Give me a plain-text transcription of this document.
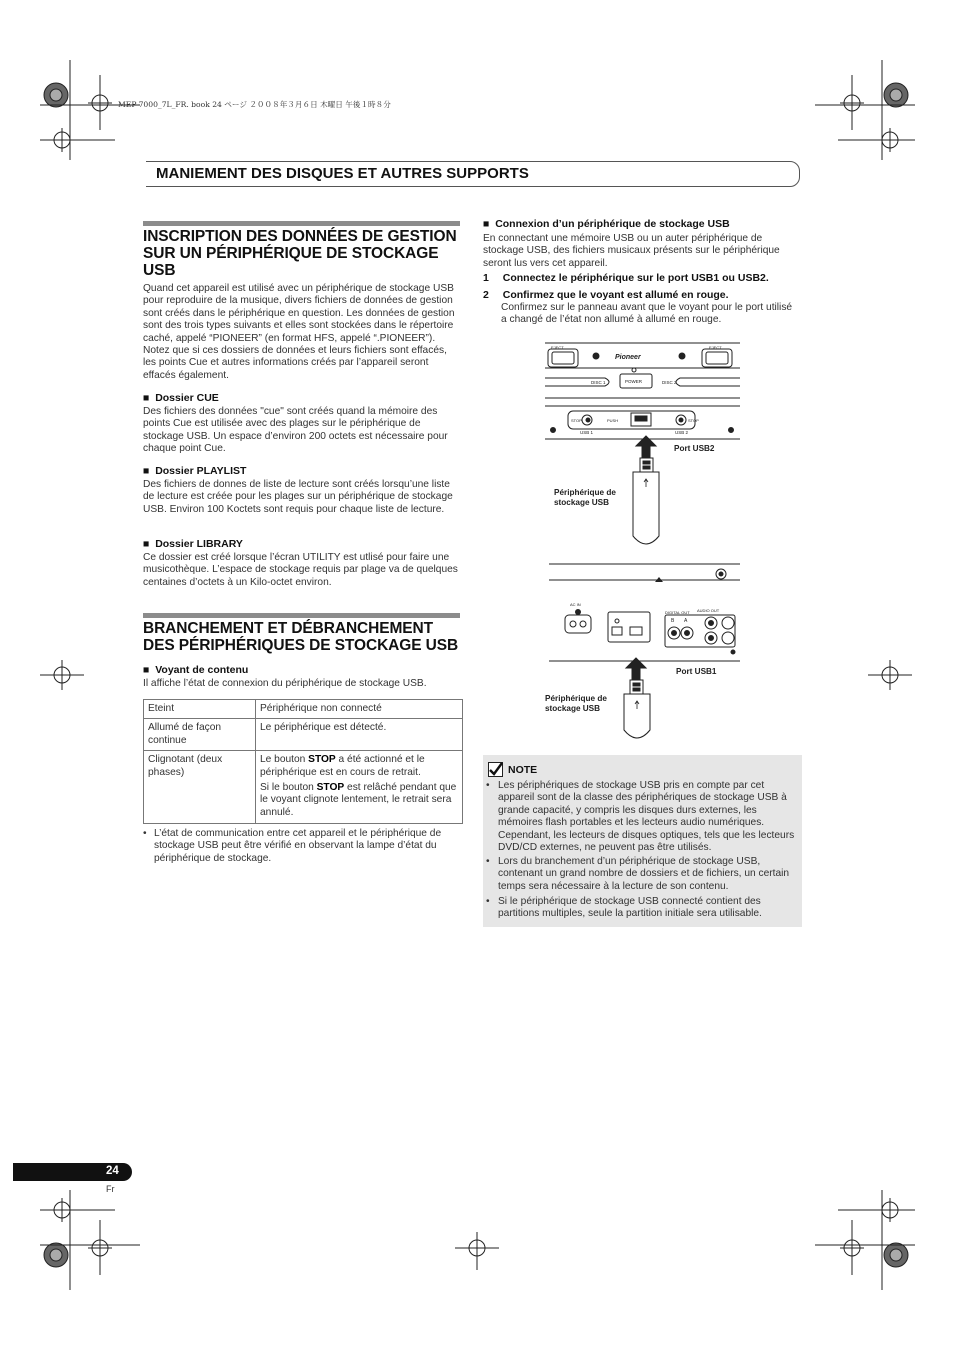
MEP-7000_7L_FR. book 24 ページ ２００８年３月６日 木曜日 午後１時８分
MANIEMENT DES DISQUES ET AUTRES SUPPORTS
INSCRIPTION DES DONNÉES DE GESTION SUR UN PÉRIPHÉRIQUE DE STOCKAGE USB
Quand cet appareil est utilisé avec un périphérique de stockage USB pour reproduire de la musique, divers fichiers de données de gestion sont créés dans le périphérique en question. Les données de gestion sont des trois types suivants et elles sont stockées dans le répertoire caché, appelé “PIONEER” (en format HFS, appelé “.PIONEER”). Notez que si ces dossiers de données et leurs fichiers sont effacés, les points Cue et autres informations créés par l’appareil seront effacés également.
■ Dossier CUE
Des fichiers des données "cue" sont créés quand la mémoire des points Cue est utilisée avec des plages sur le périphérique de stockage USB. Un espace d’environ 200 octets est nécessaire pour chaque point Cue.
■ Dossier PLAYLIST
Des fichiers de donnes de liste de lecture sont créés lorsqu’une liste de lecture est créée pour les plages sur un périphérique de stockage USB. Environ 100 Koctets sont requis pour chaque liste de lecture.
■ Dossier LIBRARY
Ce dossier est créé lorsque l’écran UTILITY est utlisé pour faire une musicothèque. L’espace de stockage requis par plage va de quelques centaines d’octets à un Kilo-octet environ.
BRANCHEMENT ET DÉBRANCHEMENT DES PÉRIPHÉRIQUES DE STOCKAGE USB
■ Voyant de contenu
Il affiche l’état de connexion du périphérique de stockage USB.
Eteint	Périphérique non connecté
Allumé de façon continue	Le périphérique est détecté.
Clignotant (deux phases)	Le bouton STOP a été actionné et le périphérique est en cours de retrait.
Si le bouton STOP est relâché pendant que le voyant clignote lentement, le retrait sera annulé.
• L’état de communication entre cet appareil et le périphérique de stockage USB peut être vérifié en observant la lampe d’état du périphérique de stockage.
■ Connexion d’un périphérique de stockage USB
En connectant une mémoire USB ou un auter périphérique de stockage USB, des fichiers musicaux présents sur le périphérique seront lus vers cet appareil.
1 Connectez le périphérique sur le port USB1 ou USB2.
2 Confirmez que le voyant est allumé en rouge.
Confirmez sur le panneau avant que le voyant pour le port utilisé a changé de l’état non allumé à allumé en rouge.
EJECT	EJECT
Pioneer
POWER
DISC 1	DISC 2
STOP	STOP
PUSH
USB 1	USB 2
Port USB2
Périphérique de
stockage USB
AC IN
DIGITAL OUT AUDIO OUT
B A
Port USB1
Périphérique de
stockage USB
NOTE
• Les périphériques de stockage USB pris en compte par cet appareil sont de la classe des périphériques de stockage USB à grande capacité, y compris les disques durs externes, les mémoires flash portables et les lecteurs audio numériques. Cependant, les lecteurs de disques optiques, tels que les lecteurs DVD/CD externes, ne peuvent pas être utilisés.
• Lors du branchement d’un périphérique de stockage USB, contenant un grand nombre de dossiers et de fichiers, un certain temps sera nécessaire à la lecture de son contenu.
• Si le périphérique de stockage USB connecté contient des partitions multiples, seule la partition initiale sera utilisable.
24
Fr
